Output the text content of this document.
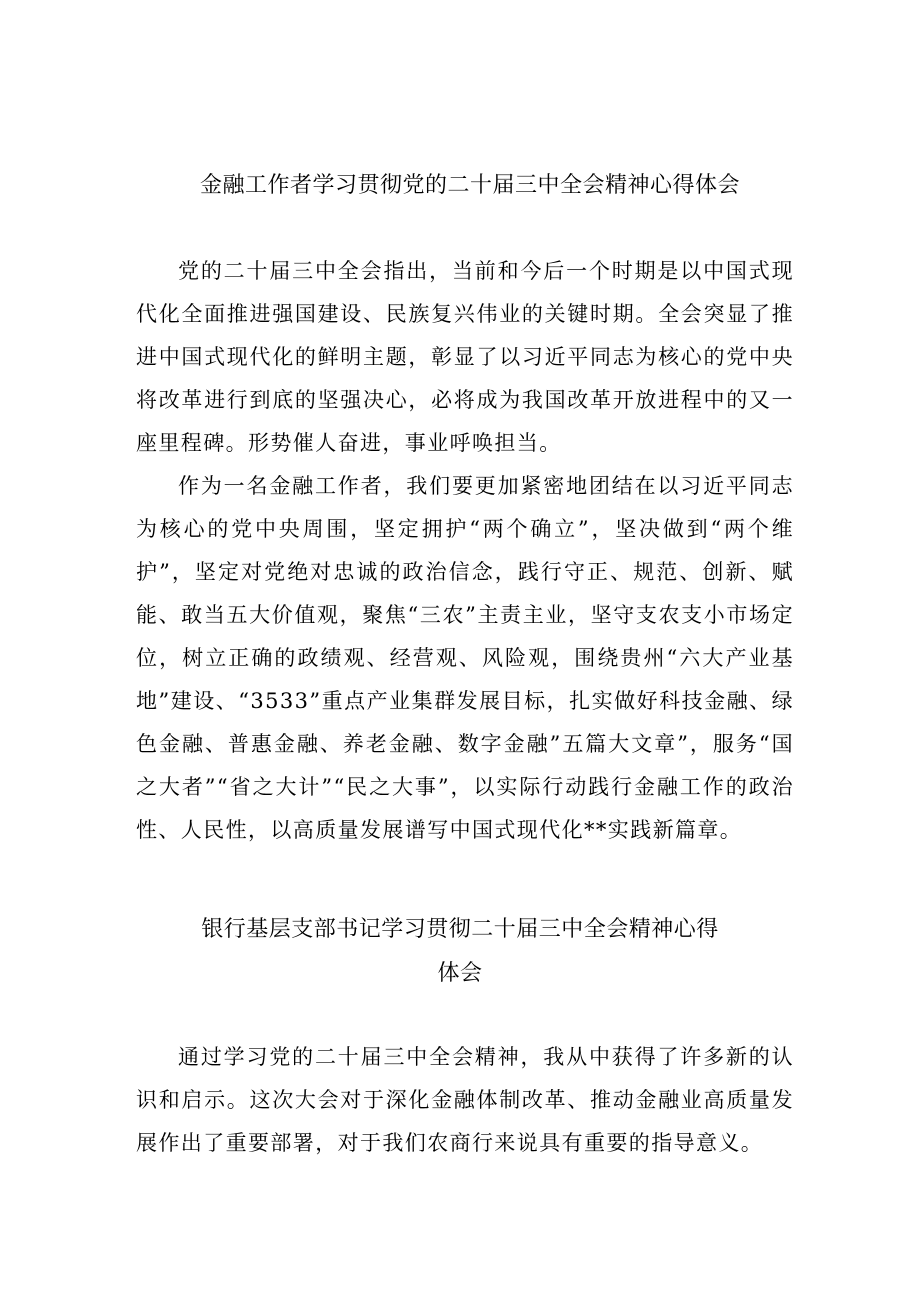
金融工作者学习贯彻党的二十届三中全会精神心得体会

党的二十届三中全会指出，当前和今后一个时期是以中国式现代化全面推进强国建设、民族复兴伟业的关键时期。全会突显了推进中国式现代化的鲜明主题，彰显了以习近平同志为核心的党中央将改革进行到底的坚强决心，必将成为我国改革开放进程中的又一座里程碑。形势催人奋进，事业呼唤担当。

作为一名金融工作者，我们要更加紧密地团结在以习近平同志为核心的党中央周围，坚定拥护“两个确立”，坚决做到“两个维护”，坚定对党绝对忠诚的政治信念，践行守正、规范、创新、赋能、敢当五大价值观，聚焦“三农”主责主业，坚守支农支小市场定位，树立正确的政绩观、经营观、风险观，围绕贵州“六大产业基地”建设、“3533”重点产业集群发展目标，扎实做好科技金融、绿色金融、普惠金融、养老金融、数字金融”五篇大文章”，服务“国之大者”“省之大计”“民之大事”，以实际行动践行金融工作的政治性、人民性，以高质量发展谱写中国式现代化**实践新篇章。

银行基层支部书记学习贯彻二十届三中全会精神心得
体会

通过学习党的二十届三中全会精神，我从中获得了许多新的认识和启示。这次大会对于深化金融体制改革、推动金融业高质量发展作出了重要部署，对于我们农商行来说具有重要的指导意义。
